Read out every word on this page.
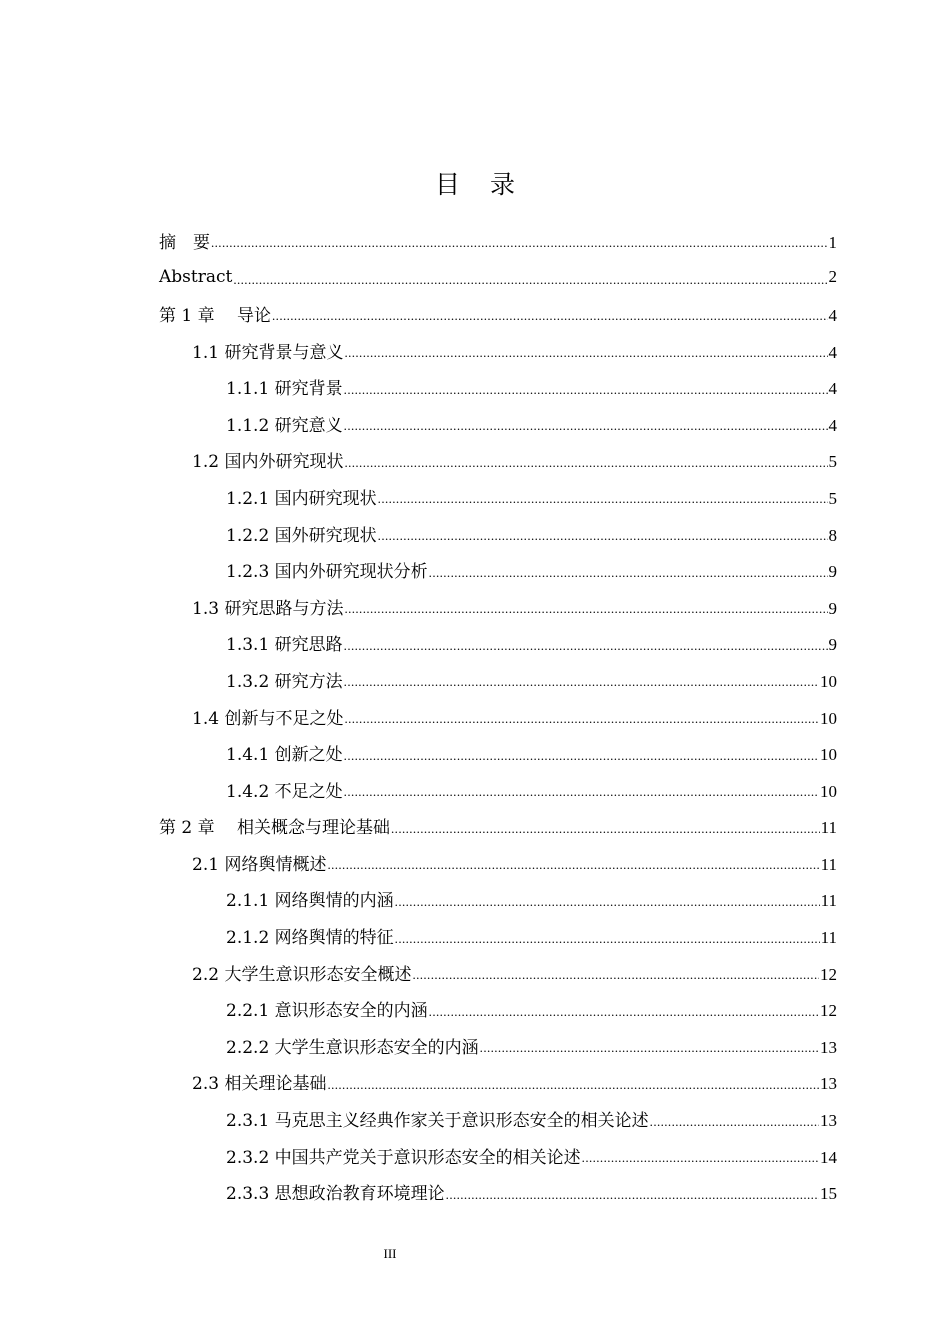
目 录
摘　要 .....	1
Abstract .....	2
第 1 章　 导论 .....	4
1.1 研究背景与意义 .....	4
1.1.1 研究背景 .....	4
1.1.2 研究意义 .....	4
1.2 国内外研究现状 .....	5
1.2.1 国内研究现状 .....	5
1.2.2 国外研究现状 .....	8
1.2.3 国内外研究现状分析 .....	9
1.3 研究思路与方法 .....	9
1.3.1 研究思路 .....	9
1.3.2 研究方法 .....	10
1.4 创新与不足之处 .....	10
1.4.1 创新之处 .....	10
1.4.2 不足之处 .....	10
第 2 章　 相关概念与理论基础 .....	11
2.1 网络舆情概述 .....	11
2.1.1 网络舆情的内涵 .....	11
2.1.2 网络舆情的特征 .....	11
2.2 大学生意识形态安全概述 .....	12
2.2.1 意识形态安全的内涵 .....	12
2.2.2 大学生意识形态安全的内涵 .....	13
2.3 相关理论基础 .....	13
2.3.1 马克思主义经典作家关于意识形态安全的相关论述 .....	13
2.3.2 中国共产党关于意识形态安全的相关论述 .....	14
2.3.3 思想政治教育环境理论 .....	15
III
